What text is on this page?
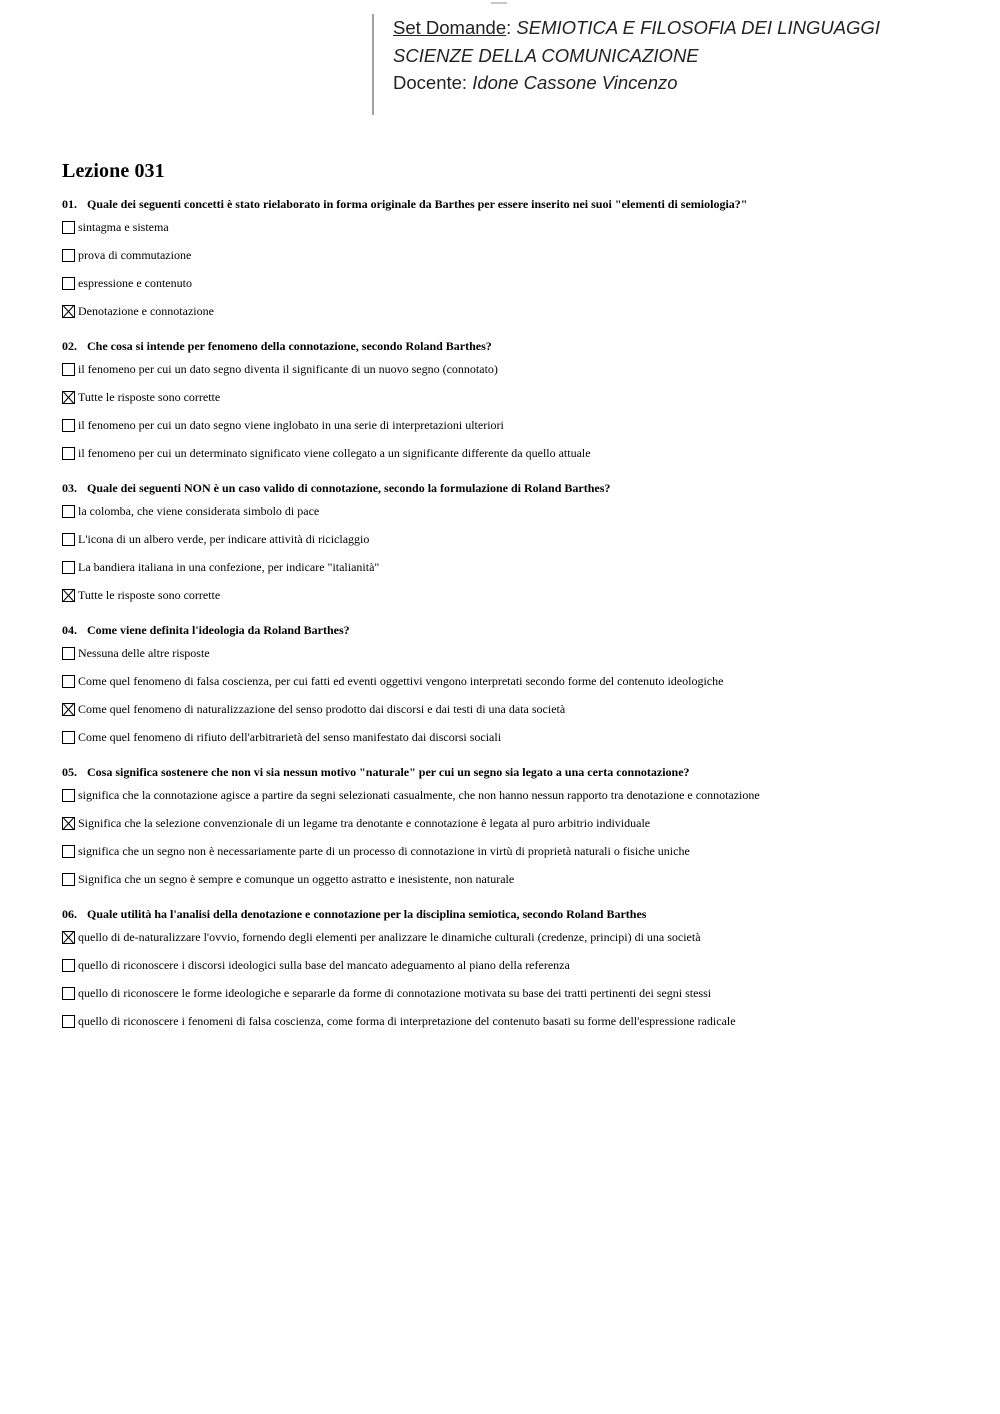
Set Domande: SEMIOTICA E FILOSOFIA DEI LINGUAGGI
SCIENZE DELLA COMUNICAZIONE
Docente: Idone Cassone Vincenzo
Lezione 031
01. Quale dei seguenti concetti è stato rielaborato in forma originale da Barthes per essere inserito nei suoi "elementi di semiologia?"
sintagma e sistema
prova di commutazione
espressione e contenuto
Denotazione e connotazione
02. Che cosa si intende per fenomeno della connotazione, secondo Roland Barthes?
il fenomeno per cui un dato segno diventa il significante di un nuovo segno (connotato)
Tutte le risposte sono corrette
il fenomeno per cui un dato segno viene inglobato in una serie di interpretazioni ulteriori
il fenomeno per cui un determinato significato viene collegato a un significante differente da quello attuale
03. Quale dei seguenti NON è un caso valido di connotazione, secondo la formulazione di Roland Barthes?
la colomba, che viene considerata simbolo di pace
L'icona di un albero verde, per indicare attività di riciclaggio
La bandiera italiana in una confezione, per indicare "italianità"
Tutte le risposte sono corrette
04. Come viene definita l'ideologia da Roland Barthes?
Nessuna delle altre risposte
Come quel fenomeno di falsa coscienza, per cui fatti ed eventi oggettivi vengono interpretati secondo forme del contenuto ideologiche
Come quel fenomeno di naturalizzazione del senso prodotto dai discorsi e dai testi di una data società
Come quel fenomeno di rifiuto dell'arbitrarietà del senso manifestato dai discorsi sociali
05. Cosa significa sostenere che non vi sia nessun motivo "naturale" per cui un segno sia legato a una certa connotazione?
significa che la connotazione agisce a partire da segni selezionati casualmente, che non hanno nessun rapporto tra denotazione e connotazione
Significa che la selezione convenzionale di un legame tra denotante e connotazione è legata al puro arbitrio individuale
significa che un segno non è necessariamente parte di un processo di connotazione in virtù di proprietà naturali o fisiche uniche
Significa che un segno è sempre e comunque un oggetto astratto e inesistente, non naturale
06. Quale utilità ha l'analisi della denotazione e connotazione per la disciplina semiotica, secondo Roland Barthes
quello di de-naturalizzare l'ovvio, fornendo degli elementi per analizzare le dinamiche culturali (credenze, principi) di una società
quello di riconoscere i discorsi ideologici sulla base del mancato adeguamento al piano della referenza
quello di riconoscere le forme ideologiche e separarle da forme di connotazione motivata su base dei tratti pertinenti dei segni stessi
quello di riconoscere i fenomeni di falsa coscienza, come forma di interpretazione del contenuto basati su forme dell'espressione radicale
